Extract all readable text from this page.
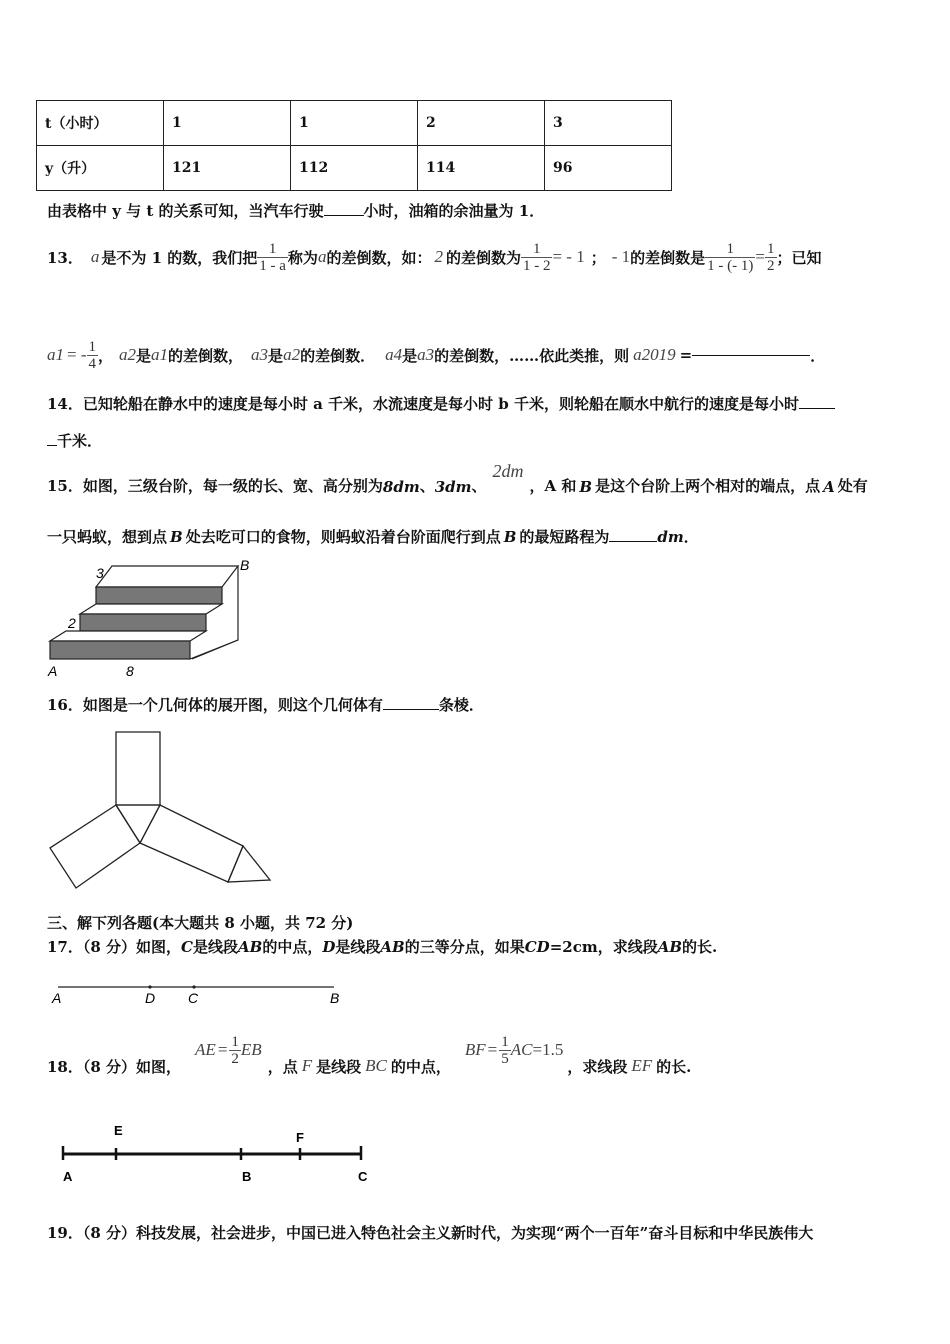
t（小时）	1	1	2	3
y（升）	121	112	114	96
由表格中 y 与 t 的关系可知，当汽车行驶	小时，油箱的余油量为 1．
13． a 是不为 1 的数，我们把 $\frac{1}{1 - a}$ 称为 a 的差倒数，如： 2 的差倒数为 $\frac{1}{1 - 2}$ = - 1 ； - 1 的差倒数是 $\frac{1}{1 - (- 1)} = \frac{1}{2}$ ；已知
a 1 = - $\frac{1}{4}$ ， a 2 是 a 1 的差倒数， a 3 是 a 2 的差倒数． a 4 是 a 3 的差倒数，……依此类推，则 a 2019 =	．
14．已知轮船在静水中的速度是每小时 a 千米，水流速度是每小时 b 千米，则轮船在顺水中航行的速度是每小时
千米．
15．如图，三级台阶，每一级的长、宽、高分别为 8dm 、 3dm 、
2dm
，A 和 B 是这个台阶上两个相对的端点，点 A 处有
一只蚂蚁，想到点 B 处去吃可口的食物，则蚂蚁沿着台阶面爬行到点 B 的最短路程为	dm．
3
2
8
A
B
16．如图是一个几何体的展开图，则这个几何体有	条棱．
三、解下列各题(本大题共 8 小题，共 72 分)
17．（8 分）如图，C是线段AB的中点，D是线段AB的三等分点，如果CD=2cm，求线段AB的长.
A	D C	B
18．（8 分）如图，
AE = $\frac{1}{2}$ EB
，点 F 是线段 BC 的中点，
BF = $\frac{1}{5}$ AC =1.5
，求线段 EF 的长.
E	F
A	B	C
19．（8 分）科技发展，社会进步，中国已进入特色社会主义新时代，为实现“两个一百年”奋斗目标和中华民族伟大
